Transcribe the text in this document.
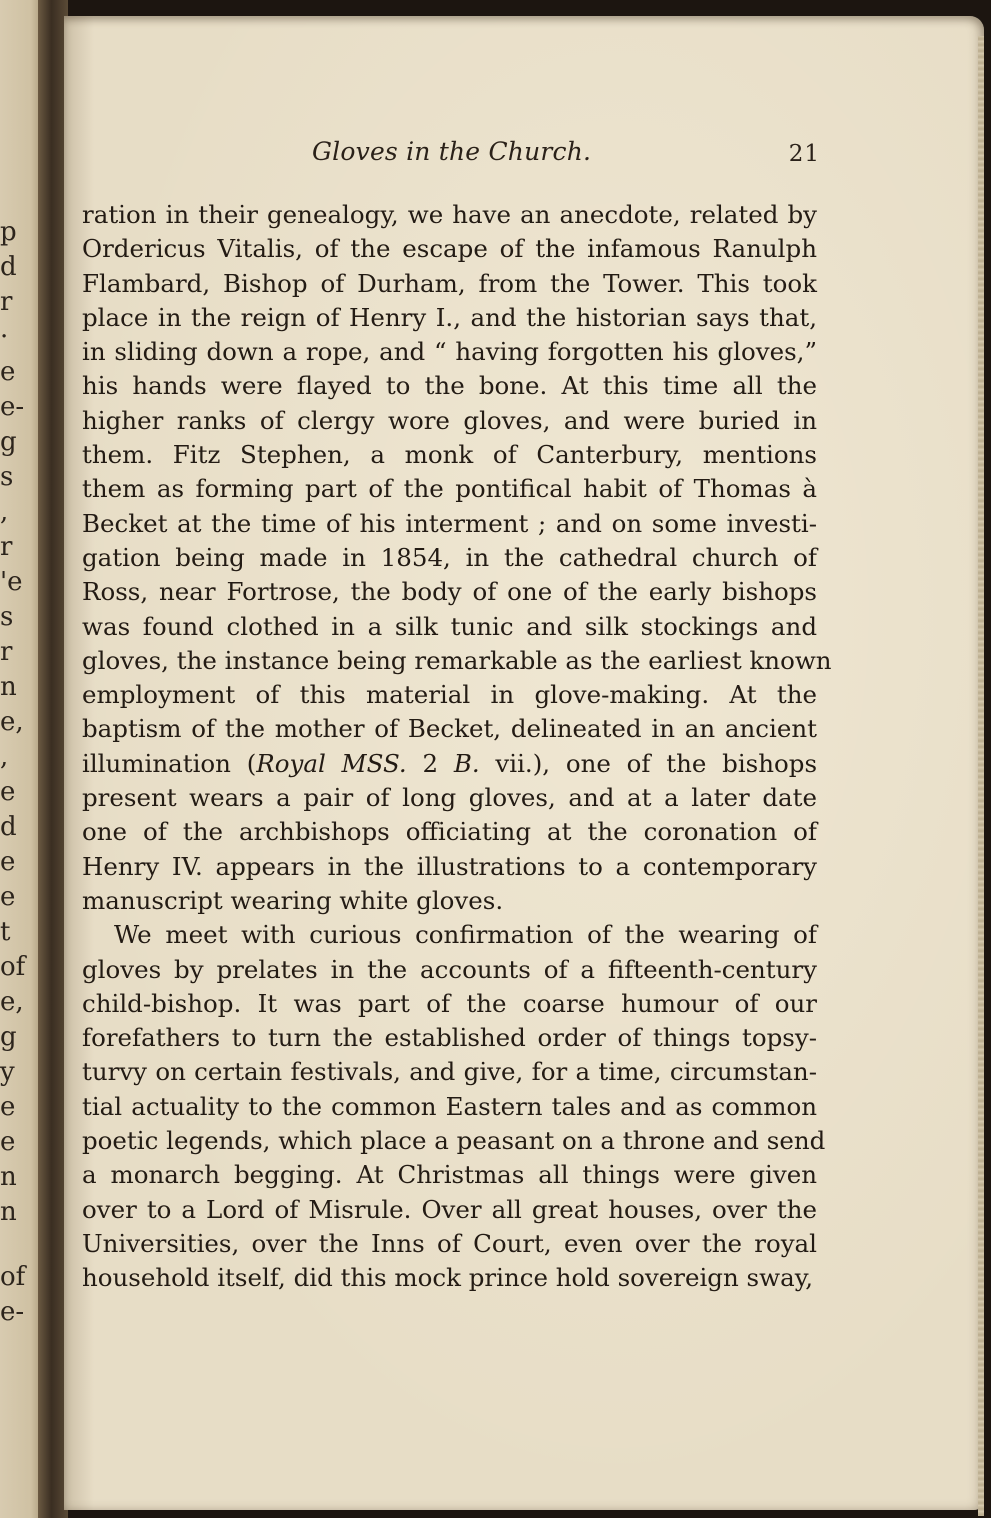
p
d
r
·
e
e-
g
s
,
r
'e
s
r
n
e,
,
e
d
e
e
t
of
e,
g
y
e
e
n
n
of
e-
Gloves in the Church.	21
ration in their genealogy, we have an anecdote, related by
Ordericus Vitalis, of the escape of the infamous Ranulph
Flambard, Bishop of Durham, from the Tower. This took
place in the reign of Henry I., and the historian says that,
in sliding down a rope, and “ having forgotten his gloves,”
his hands were flayed to the bone. At this time all the
higher ranks of clergy wore gloves, and were buried in
them. Fitz Stephen, a monk of Canterbury, mentions
them as forming part of the pontifical habit of Thomas à
Becket at the time of his interment ; and on some investi-
gation being made in 1854, in the cathedral church of
Ross, near Fortrose, the body of one of the early bishops
was found clothed in a silk tunic and silk stockings and
gloves, the instance being remarkable as the earliest known
employment of this material in glove-making. At the
baptism of the mother of Becket, delineated in an ancient
illumination (Royal MSS. 2 B. vii.), one of the bishops
present wears a pair of long gloves, and at a later date
one of the archbishops officiating at the coronation of
Henry IV. appears in the illustrations to a contemporary
manuscript wearing white gloves.
We meet with curious confirmation of the wearing of
gloves by prelates in the accounts of a fifteenth-century
child-bishop. It was part of the coarse humour of our
forefathers to turn the established order of things topsy-
turvy on certain festivals, and give, for a time, circumstan-
tial actuality to the common Eastern tales and as common
poetic legends, which place a peasant on a throne and send
a monarch begging. At Christmas all things were given
over to a Lord of Misrule. Over all great houses, over the
Universities, over the Inns of Court, even over the royal
household itself, did this mock prince hold sovereign sway,
